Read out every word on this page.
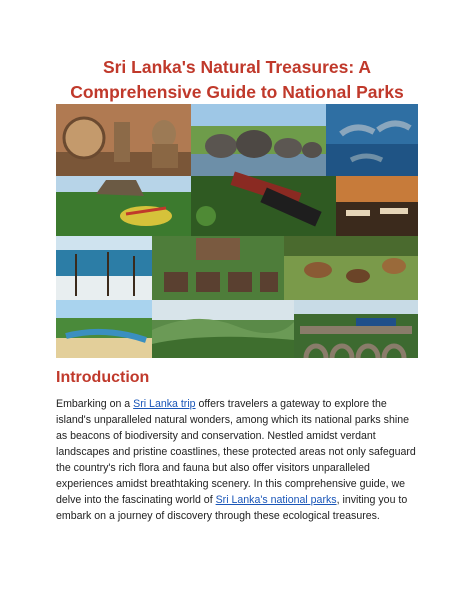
Sri Lanka's Natural Treasures: A
Comprehensive Guide to National Parks
Introduction
Embarking on a Sri Lanka trip offers travelers a gateway to explore the island's unparalleled natural wonders, among which its national parks shine as beacons of biodiversity and conservation. Nestled amidst verdant landscapes and pristine coastlines, these protected areas not only safeguard the country's rich flora and fauna but also offer visitors unparalleled experiences amidst breathtaking scenery. In this comprehensive guide, we delve into the fascinating world of Sri Lanka's national parks, inviting you to embark on a journey of discovery through these ecological treasures.
